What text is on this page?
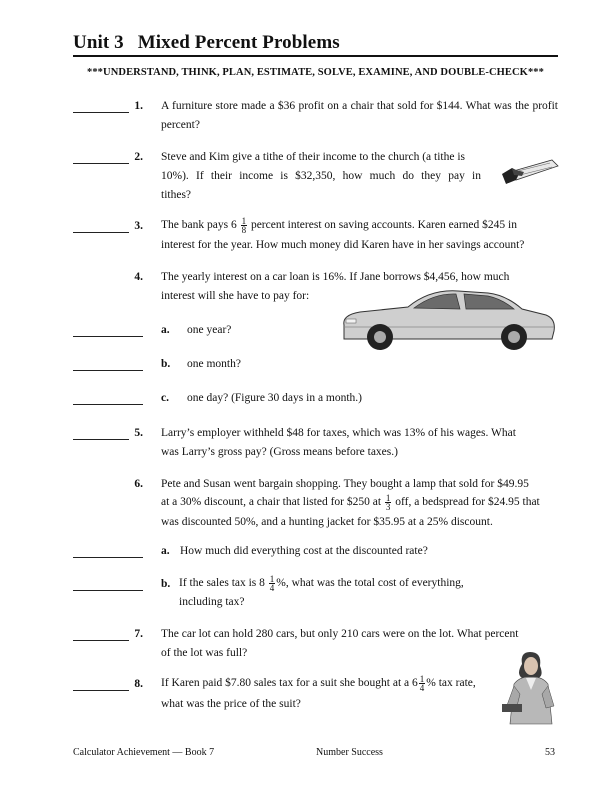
Unit 3 Mixed Percent Problems
***UNDERSTAND, THINK, PLAN, ESTIMATE, SOLVE, EXAMINE, AND DOUBLE-CHECK***
1. A furniture store made a $36 profit on a chair that sold for $144. What was the profit percent?
2. Steve and Kim give a tithe of their income to the church (a tithe is
10%). If their income is $32,350, how much do they pay in
tithes?
3. The bank pays $6 \frac{1}{8}$ percent interest on saving accounts. Karen earned $245 in
interest for the year. How much money did Karen have in her savings account?
4. The yearly interest on a car loan is 16%. If Jane borrows $4,456, how much
interest will she have to pay for:
a. one year?
b. one month?
c. one day? (Figure 30 days in a month.)
5. Larry’s employer withheld $48 for taxes, which was 13% of his wages. What
was Larry’s gross pay? (Gross means before taxes.)
6. Pete and Susan went bargain shopping. They bought a lamp that sold for $49.95
at a 30% discount, a chair that listed for $250 at $\frac{1}{3}$ off, a bedspread for $24.95 that
was discounted 50%, and a hunting jacket for $35.95 at a 25% discount.
a. How much did everything cost at the discounted rate?
b. If the sales tax is $8 \frac{1}{4}$ %, what was the total cost of everything,
including tax?
7. The car lot can hold 280 cars, but only 210 cars were on the lot. What percent
of the lot was full?
8. If Karen paid $7.80 sales tax for a suit she bought at a $6 \frac{1}{4}$ % tax rate,
what was the price of the suit?
Calculator Achievement — Book 7	Number Success	53
